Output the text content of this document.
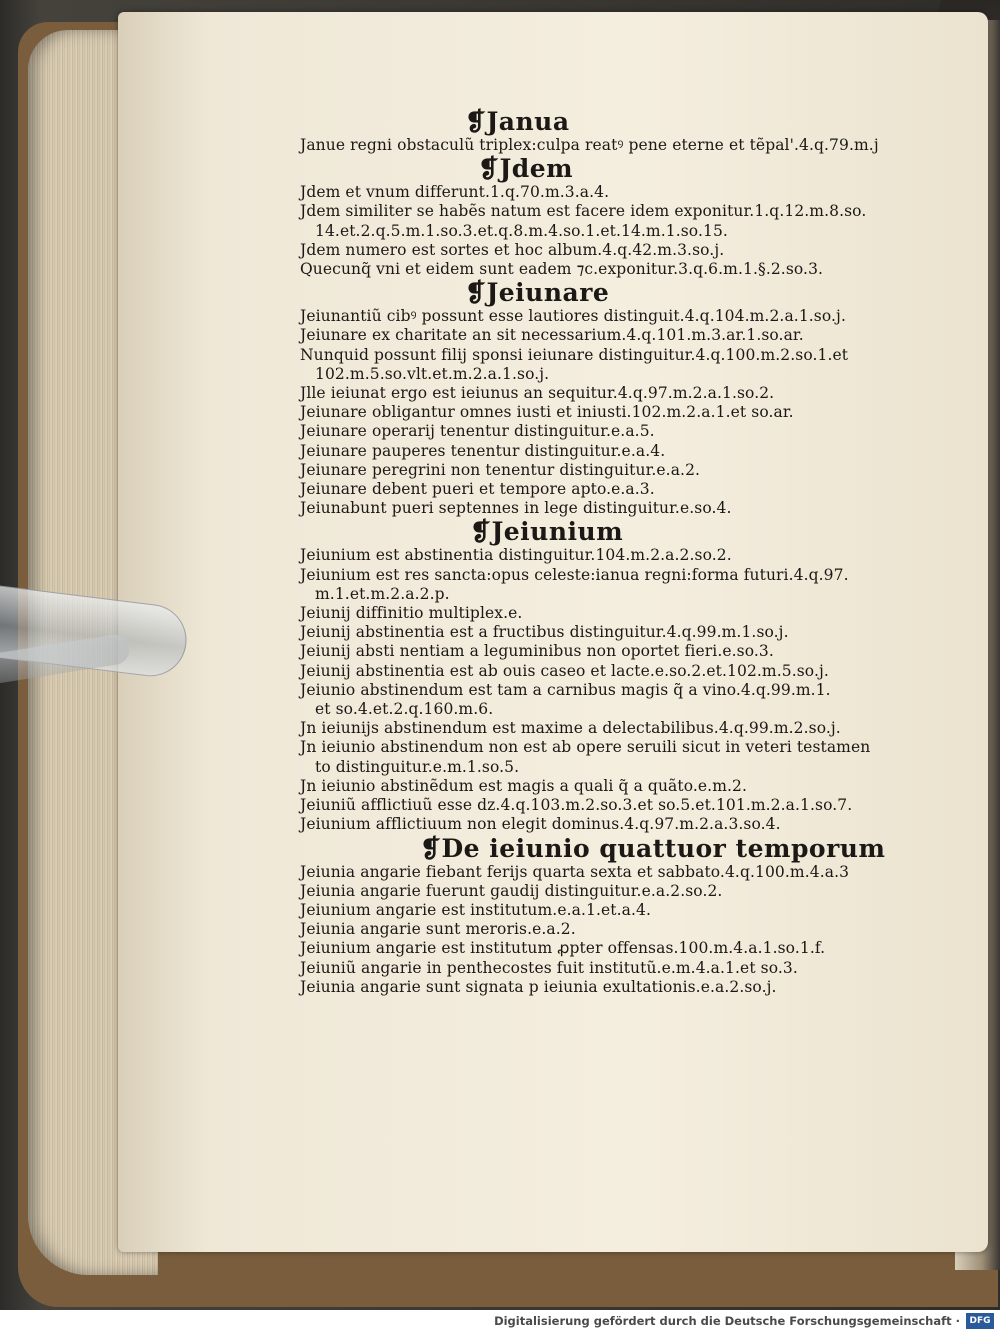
❡Janua
Janue regni obstaculũ triplex:culpa reatꝰ pene eterne et tẽpal'.4.q.79.m.j
❡Jdem
Jdem et vnum differunt.1.q.70.m.3.a.4.
Jdem similiter se habẽs natum est facere idem exponitur.1.q.12.m.8.so.
14.et.2.q.5.m.1.so.3.et.q.8.m.4.so.1.et.14.m.1.so.15.
Jdem numero est sortes et hoc album.4.q.42.m.3.so.j.
Quecunq̃ vni et eidem sunt eadem ⁊c.exponitur.3.q.6.m.1.§.2.so.3.
❡Jeiunare
Jeiunantiũ cibꝰ possunt esse lautiores distinguit.4.q.104.m.2.a.1.so.j.
Jeiunare ex charitate an sit necessarium.4.q.101.m.3.ar.1.so.ar.
Nunquid possunt filij sponsi ieiunare distinguitur.4.q.100.m.2.so.1.et
102.m.5.so.vlt.et.m.2.a.1.so.j.
Jlle ieiunat ergo est ieiunus an sequitur.4.q.97.m.2.a.1.so.2.
Jeiunare obligantur omnes iusti et iniusti.102.m.2.a.1.et so.ar.
Jeiunare operarij tenentur distinguitur.e.a.5.
Jeiunare pauperes tenentur distinguitur.e.a.4.
Jeiunare peregrini non tenentur distinguitur.e.a.2.
Jeiunare debent pueri et tempore apto.e.a.3.
Jeiunabunt pueri septennes in lege distinguitur.e.so.4.
❡Jeiunium
Jeiunium est abstinentia distinguitur.104.m.2.a.2.so.2.
Jeiunium est res sancta:opus celeste:ianua regni:forma futuri.4.q.97.
m.1.et.m.2.a.2.p.
Jeiunij diffinitio multiplex.e.
Jeiunij abstinentia est a fructibus distinguitur.4.q.99.m.1.so.j.
Jeiunij absti nentiam a leguminibus non oportet fieri.e.so.3.
Jeiunij abstinentia est ab ouis caseo et lacte.e.so.2.et.102.m.5.so.j.
Jeiunio abstinendum est tam a carnibus magis q̃ a vino.4.q.99.m.1.
et so.4.et.2.q.160.m.6.
Jn ieiunijs abstinendum est maxime a delectabilibus.4.q.99.m.2.so.j.
Jn ieiunio abstinendum non est ab opere seruili sicut in veteri testamen
to distinguitur.e.m.1.so.5.
Jn ieiunio abstinẽdum est magis a quali q̃ a quãto.e.m.2.
Jeiuniũ afflictiuũ esse dz.4.q.103.m.2.so.3.et so.5.et.101.m.2.a.1.so.7.
Jeiunium afflictiuum non elegit dominus.4.q.97.m.2.a.3.so.4.
❡De ieiunio quattuor temporum
Jeiunia angarie fiebant ferijs quarta sexta et sabbato.4.q.100.m.4.a.3
Jeiunia angarie fuerunt gaudij distinguitur.e.a.2.so.2.
Jeiunium angarie est institutum.e.a.1.et.a.4.
Jeiunia angarie sunt meroris.e.a.2.
Jeiunium angarie est institutum ꝓpter offensas.100.m.4.a.1.so.1.f.
Jeiuniũ angarie in penthecostes fuit institutũ.e.m.4.a.1.et so.3.
Jeiunia angarie sunt signata p ieiunia exultationis.e.a.2.so.j.
Digitalisierung gefördert durch die Deutsche Forschungsgemeinschaft ·	DFG
